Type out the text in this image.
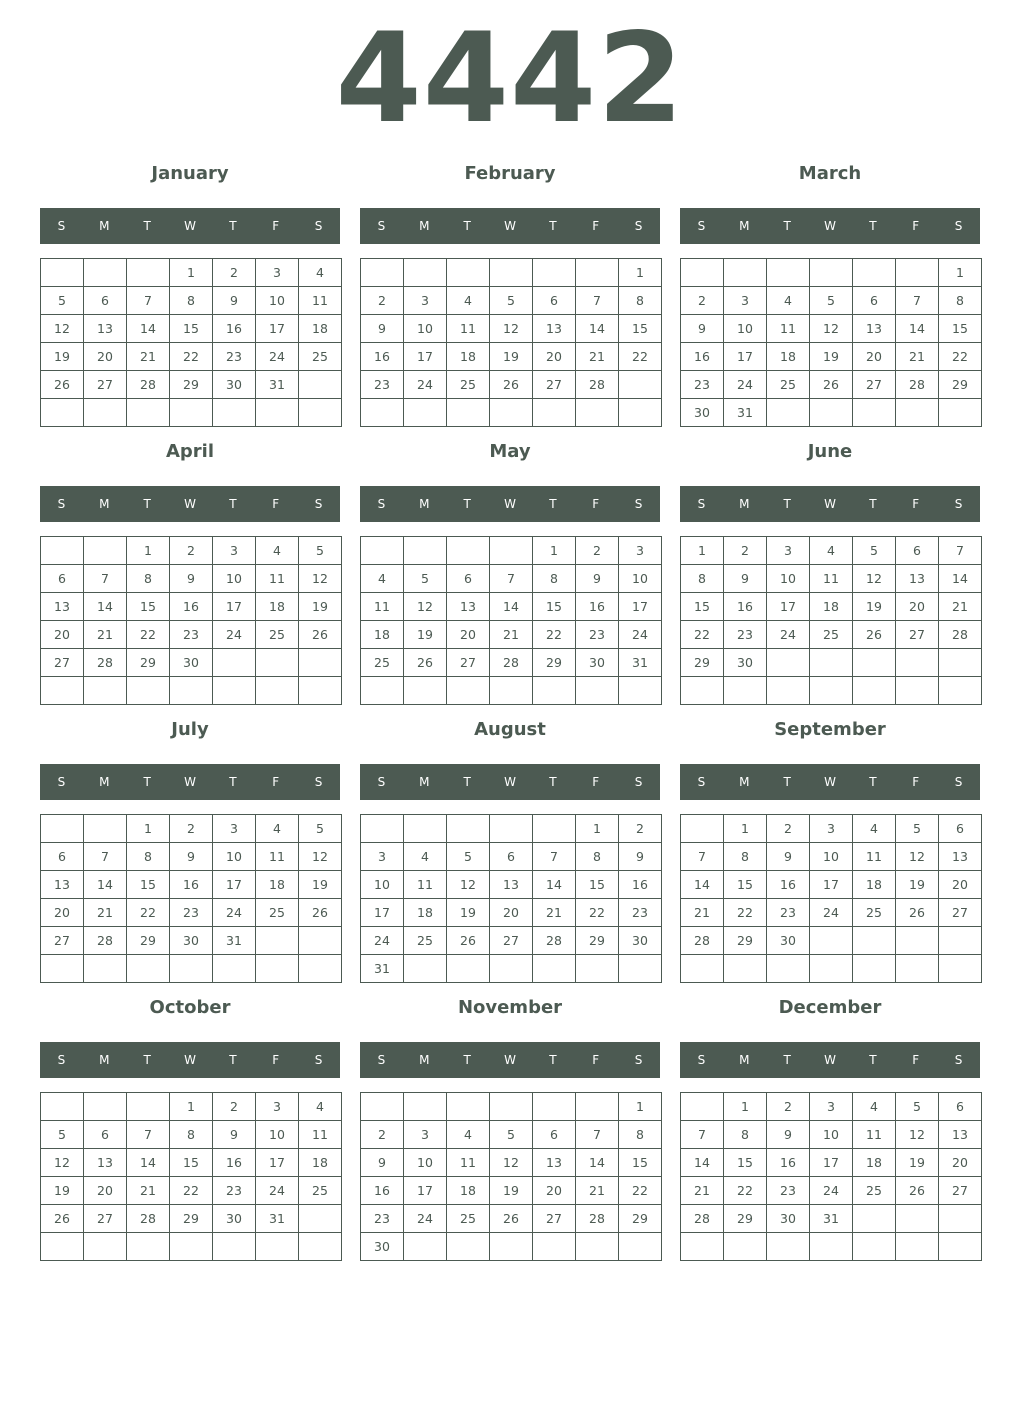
4442
January
S	M	T	W	T	F	S
			1	2	3	4
5	6	7	8	9	10	11
12	13	14	15	16	17	18
19	20	21	22	23	24	25
26	27	28	29	30	31	

February
S	M	T	W	T	F	S
						1
2	3	4	5	6	7	8
9	10	11	12	13	14	15
16	17	18	19	20	21	22
23	24	25	26	27	28	

March
S	M	T	W	T	F	S
						1
2	3	4	5	6	7	8
9	10	11	12	13	14	15
16	17	18	19	20	21	22
23	24	25	26	27	28	29
30	31					
April
S	M	T	W	T	F	S
		1	2	3	4	5
6	7	8	9	10	11	12
13	14	15	16	17	18	19
20	21	22	23	24	25	26
27	28	29	30			

May
S	M	T	W	T	F	S
				1	2	3
4	5	6	7	8	9	10
11	12	13	14	15	16	17
18	19	20	21	22	23	24
25	26	27	28	29	30	31

June
S	M	T	W	T	F	S
1	2	3	4	5	6	7
8	9	10	11	12	13	14
15	16	17	18	19	20	21
22	23	24	25	26	27	28
29	30					

July
S	M	T	W	T	F	S
		1	2	3	4	5
6	7	8	9	10	11	12
13	14	15	16	17	18	19
20	21	22	23	24	25	26
27	28	29	30	31		

August
S	M	T	W	T	F	S
					1	2
3	4	5	6	7	8	9
10	11	12	13	14	15	16
17	18	19	20	21	22	23
24	25	26	27	28	29	30
31						
September
S	M	T	W	T	F	S
	1	2	3	4	5	6
7	8	9	10	11	12	13
14	15	16	17	18	19	20
21	22	23	24	25	26	27
28	29	30				

October
S	M	T	W	T	F	S
			1	2	3	4
5	6	7	8	9	10	11
12	13	14	15	16	17	18
19	20	21	22	23	24	25
26	27	28	29	30	31	

November
S	M	T	W	T	F	S
						1
2	3	4	5	6	7	8
9	10	11	12	13	14	15
16	17	18	19	20	21	22
23	24	25	26	27	28	29
30						
December
S	M	T	W	T	F	S
	1	2	3	4	5	6
7	8	9	10	11	12	13
14	15	16	17	18	19	20
21	22	23	24	25	26	27
28	29	30	31			
